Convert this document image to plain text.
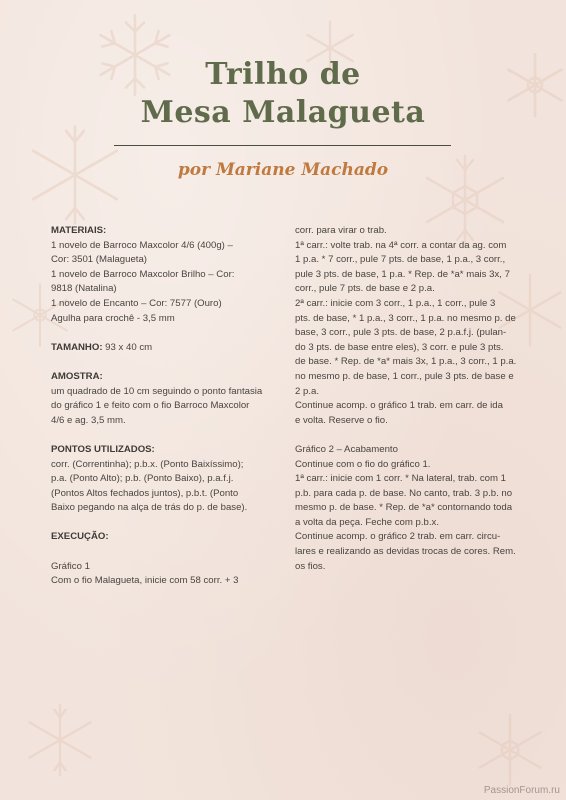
Trilho de
Mesa Malagueta
por Mariane Machado
MATERIAIS:
1 novelo de Barroco Maxcolor 4/6 (400g) –
Cor: 3501 (Malagueta)
1 novelo de Barroco Maxcolor Brilho – Cor:
9818 (Natalina)
1 novelo de Encanto – Cor: 7577 (Ouro)
Agulha para crochê - 3,5 mm
TAMANHO: 93 x 40 cm
AMOSTRA:
um quadrado de 10 cm seguindo o ponto fantasia
do gráfico 1 e feito com o fio Barroco Maxcolor
4/6 e ag. 3,5 mm.
PONTOS UTILIZADOS:
corr. (Correntinha); p.b.x. (Ponto Baixíssimo);
p.a. (Ponto Alto); p.b. (Ponto Baixo), p.a.f.j.
(Pontos Altos fechados juntos), p.b.t. (Ponto
Baixo pegando na alça de trás do p. de base).
EXECUÇÃO:
Gráfico 1
Com o fio Malagueta, inicie com 58 corr. + 3
corr. para virar o trab.
1ª carr.: volte trab. na 4ª corr. a contar da ag. com
1 p.a. * 7 corr., pule 7 pts. de base, 1 p.a., 3 corr.,
pule 3 pts. de base, 1 p.a. * Rep. de *a* mais 3x, 7
corr., pule 7 pts. de base e 2 p.a.
2ª carr.: inicie com 3 corr., 1 p.a., 1 corr., pule 3
pts. de base, * 1 p.a., 3 corr., 1 p.a. no mesmo p. de
base, 3 corr., pule 3 pts. de base, 2 p.a.f.j. (pulan-
do 3 pts. de base entre eles), 3 corr. e pule 3 pts.
de base. * Rep. de *a* mais 3x, 1 p.a., 3 corr., 1 p.a.
no mesmo p. de base, 1 corr., pule 3 pts. de base e
2 p.a.
Continue acomp. o gráfico 1 trab. em carr. de ida
e volta. Reserve o fio.
Gráfico 2 – Acabamento
Continue com o fio do gráfico 1.
1ª carr.: inicie com 1 corr. * Na lateral, trab. com 1
p.b. para cada p. de base. No canto, trab. 3 p.b. no
mesmo p. de base. * Rep. de *a* contornando toda
a volta da peça. Feche com p.b.x.
Continue acomp. o gráfico 2 trab. em carr. circu-
lares e realizando as devidas trocas de cores. Rem.
os fios.
PassionForum.ru
